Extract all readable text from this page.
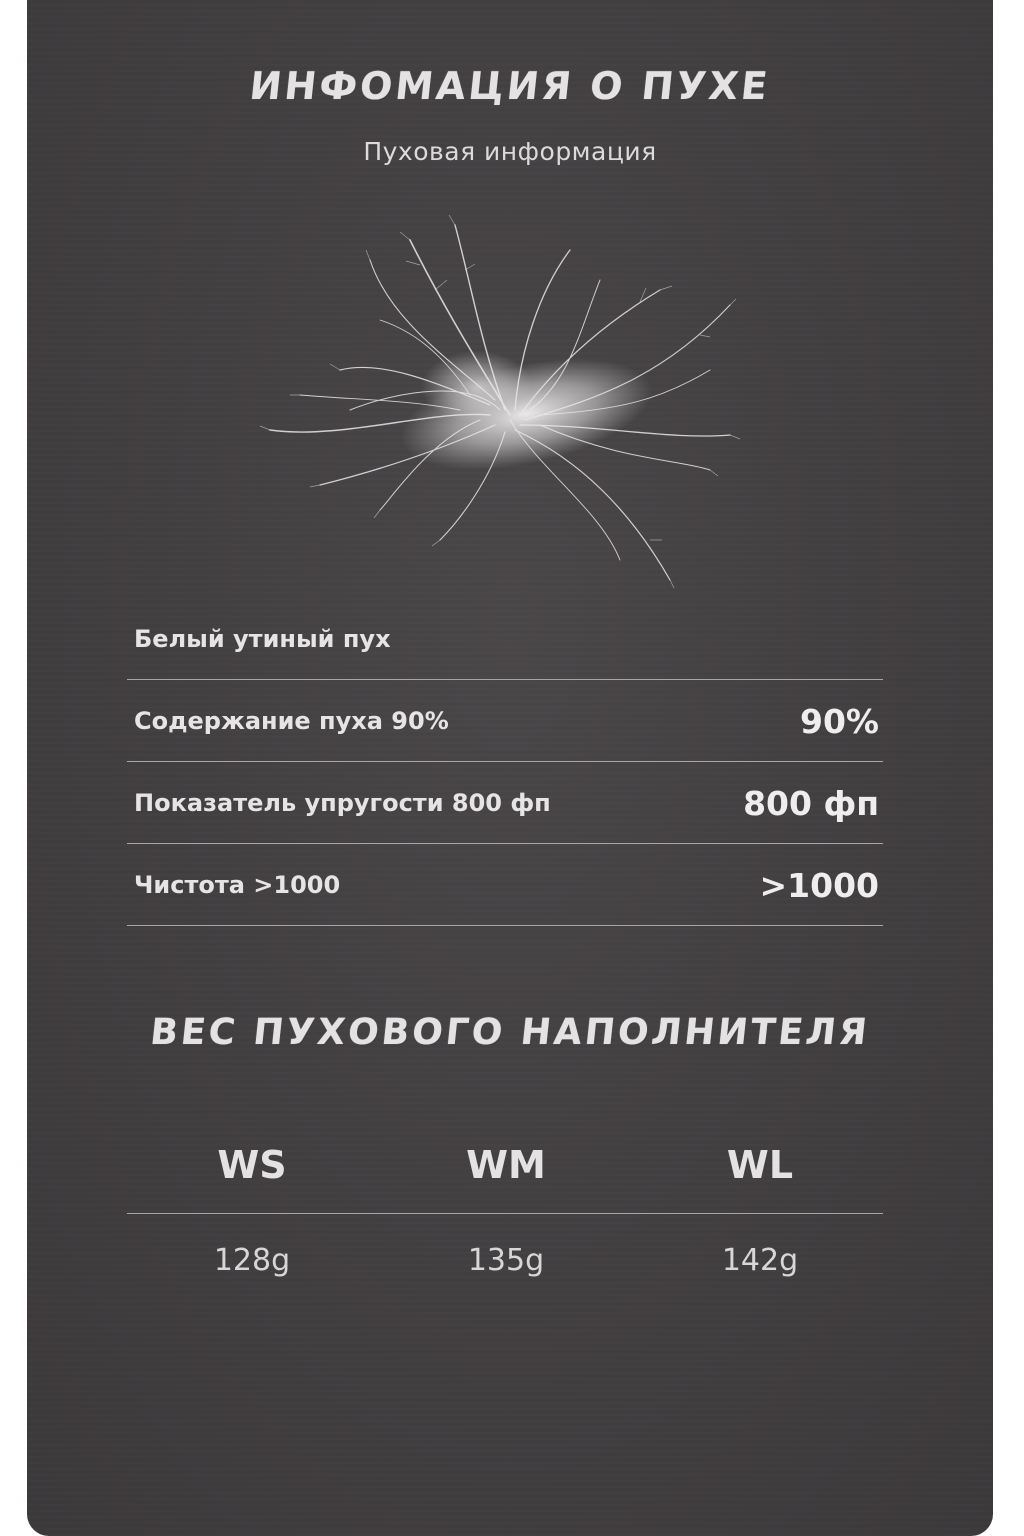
ИНФОМАЦИЯ О ПУХЕ
Пуховая информация
Белый утиный пух
Содержание пуха 90%	90%
Показатель упругости 800 фп	800 фп
Чистота >1000	>1000
ВЕС ПУХОВОГО НАПОЛНИТЕЛЯ
WS	WM	WL
128g	135g	142g
